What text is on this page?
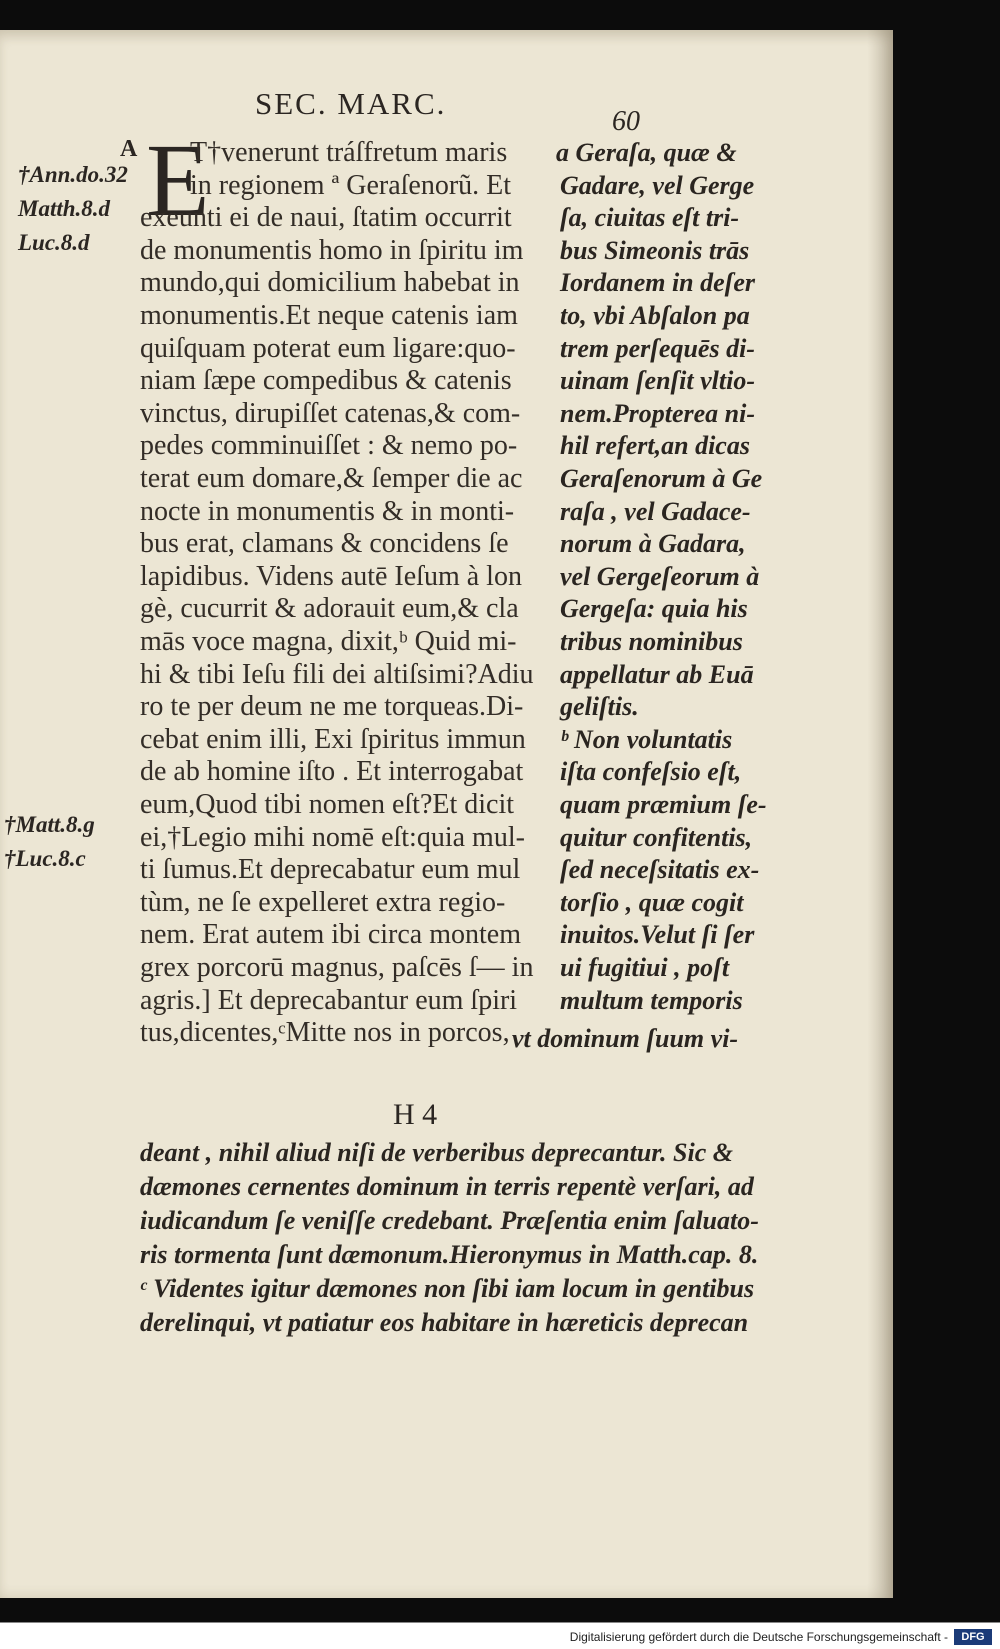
SEC. MARC.
60
A
†Ann.do.32
Matth.8.d
Luc.8.d
†Matt.8.g
†Luc.8.c
E
T†venerunt tráſfretum maris
in regionem ª Geraſenorũ. Et
exeunti ei de naui, ſtatim occurrit
de monumentis homo in ſpiritu im
mundo,qui domicilium habebat in
monumentis.Et neque catenis iam
quiſquam poterat eum ligare:quo-
niam ſæpe compedibus & catenis
vinctus, dirupiſſet catenas,& com-
pedes comminuiſſet : & nemo po-
terat eum domare,& ſemper die ac
nocte in monumentis & in monti-
bus erat, clamans & concidens ſe
lapidibus. Videns autē Ieſum à lon
gè, cucurrit & adorauit eum,& cla
mās voce magna, dixit,ᵇ Quid mi-
hi & tibi Ieſu fili dei altiſsimi?Adiu
ro te per deum ne me torqueas.Di-
cebat enim illi, Exi ſpiritus immun
de ab homine iſto . Et interrogabat
eum,Quod tibi nomen eſt?Et dicit
ei,†Legio mihi nomē eſt:quia mul-
ti ſumus.Et deprecabatur eum mul
tùm, ne ſe expelleret extra regio-
nem. Erat autem ibi circa montem
grex porcorū magnus, paſcēs ſ— in
agris.] Et deprecabantur eum ſpiri
tus,dicentes,ᶜMitte nos in porcos,
a Geraſa, quæ &
Gadare, vel Gerge
ſa, ciuitas eſt tri-
bus Simeonis trās
Iordanem in deſer
to, vbi Abſalon pa
trem perſequēs di-
uinam ſenſit vltio-
nem.Propterea ni-
hil refert,an dicas
Geraſenorum à Ge
raſa , vel Gadace-
norum à Gadara,
vel Gergeſeorum à
Gergeſa: quia his
tribus nominibus
appellatur ab Euā
geliſtis.
ᵇ Non voluntatis
iſta confeſsio eſt,
quam præmium ſe-
quitur confitentis,
ſed neceſsitatis ex-
torſio , quæ cogit
inuitos.Velut ſi ſer
ui fugitiui , poſt
multum temporis
vt dominum ſuum vi-
H 4
deant , nihil aliud niſi de verberibus deprecantur. Sic &
dæmones cernentes dominum in terris repentè verſari, ad
iudicandum ſe veniſſe credebant. Præſentia enim ſaluato-
ris tormenta ſunt dæmonum.Hieronymus in Matth.cap. 8.
ᶜ Videntes igitur dæmones non ſibi iam locum in gentibus
derelinqui, vt patiatur eos habitare in hæreticis deprecan
Digitalisierung gefördert durch die Deutsche Forschungsgemeinschaft -	DFG
